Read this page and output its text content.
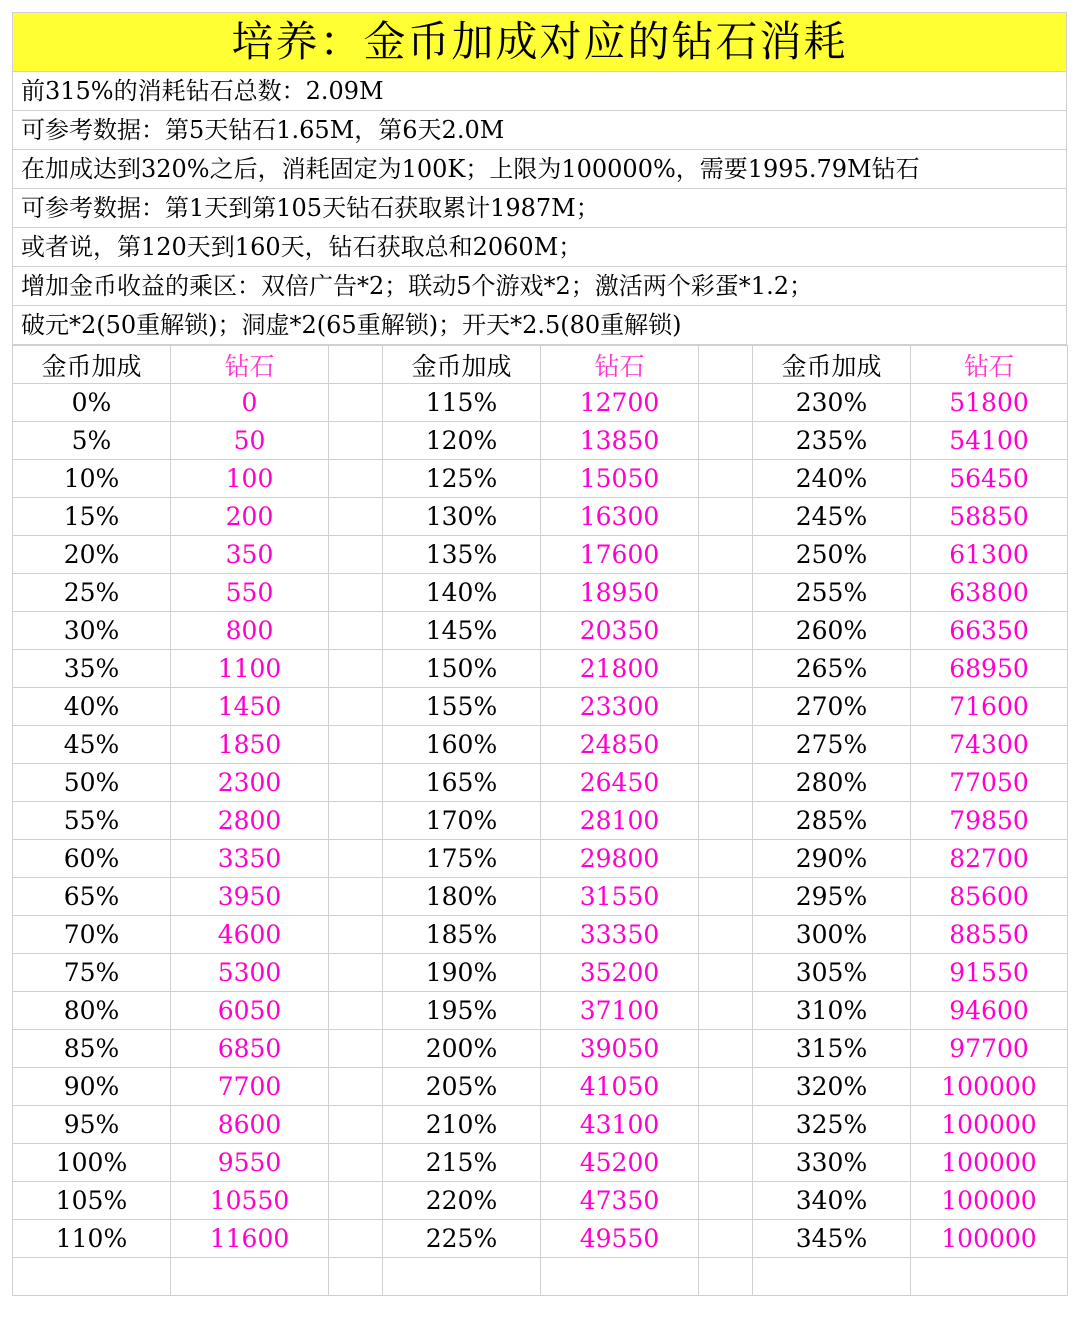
培养：金币加成对应的钻石消耗
前315%的消耗钻石总数：2.09M
可参考数据：第5天钻石1.65M，第6天2.0M
在加成达到320%之后，消耗固定为100K；上限为100000%，需要1995.79M钻石
可参考数据：第1天到第105天钻石获取累计1987M；
或者说，第120天到160天，钻石获取总和2060M；
增加金币收益的乘区：双倍广告*2；联动5个游戏*2；激活两个彩蛋*1.2；
破元*2(50重解锁)；洞虚*2(65重解锁)；开天*2.5(80重解锁)
金币加成	钻石		金币加成	钻石		金币加成	钻石
0%	0		115%	12700		230%	51800
5%	50		120%	13850		235%	54100
10%	100		125%	15050		240%	56450
15%	200		130%	16300		245%	58850
20%	350		135%	17600		250%	61300
25%	550		140%	18950		255%	63800
30%	800		145%	20350		260%	66350
35%	1100		150%	21800		265%	68950
40%	1450		155%	23300		270%	71600
45%	1850		160%	24850		275%	74300
50%	2300		165%	26450		280%	77050
55%	2800		170%	28100		285%	79850
60%	3350		175%	29800		290%	82700
65%	3950		180%	31550		295%	85600
70%	4600		185%	33350		300%	88550
75%	5300		190%	35200		305%	91550
80%	6050		195%	37100		310%	94600
85%	6850		200%	39050		315%	97700
90%	7700		205%	41050		320%	100000
95%	8600		210%	43100		325%	100000
100%	9550		215%	45200		330%	100000
105%	10550		220%	47350		340%	100000
110%	11600		225%	49550		345%	100000
